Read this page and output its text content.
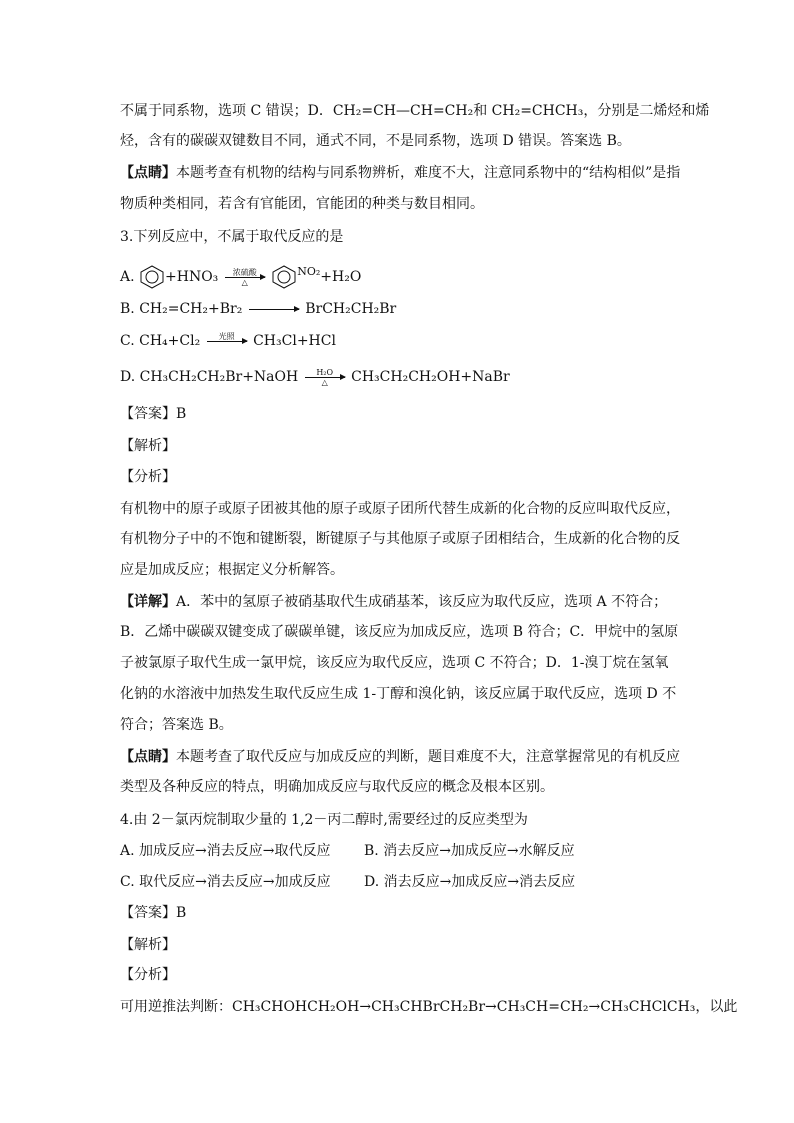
不属于同系物，选项 C 错误；D．CH₂=CH—CH=CH₂和 CH₂=CHCH₃，分别是二烯烃和烯
烃，含有的碳碳双键数目不同，通式不同，不是同系物，选项 D 错误。答案选 B。
【点睛】本题考查有机物的结构与同系物辨析，难度不大，注意同系物中的“结构相似”是指
物质种类相同，若含有官能团，官能团的种类与数目相同。
3.下列反应中，不属于取代反应的是
A. +HNO₃ 浓硫酸
△
$^{NO_2}$+H₂O
B. CH₂=CH₂+Br₂

→ BrCH₂CH₂Br
C. CH₄+Cl₂ 光照
CH₃Cl+HCl
D. CH₃CH₂CH₂Br+NaOH H₂O
△ CH₃CH₂CH₂OH+NaBr
【答案】B
【解析】
【分析】
有机物中的原子或原子团被其他的原子或原子团所代替生成新的化合物的反应叫取代反应，
有机物分子中的不饱和键断裂，断键原子与其他原子或原子团相结合，生成新的化合物的反
应是加成反应；根据定义分析解答。
【详解】A．苯中的氢原子被硝基取代生成硝基苯，该反应为取代反应，选项 A 不符合；
B．乙烯中碳碳双键变成了碳碳单键，该反应为加成反应，选项 B 符合；C．甲烷中的氢原
子被氯原子取代生成一氯甲烷，该反应为取代反应，选项 C 不符合；D．1-溴丁烷在氢氧
化钠的水溶液中加热发生取代反应生成 1-丁醇和溴化钠，该反应属于取代反应，选项 D 不
符合；答案选 B。
【点睛】本题考查了取代反应与加成反应的判断，题目难度不大，注意掌握常见的有机反应
类型及各种反应的特点，明确加成反应与取代反应的概念及根本区别。
4.由 2－氯丙烷制取少量的 1,2－丙二醇时,需要经过的反应类型为
A. 加成反应→消去反应→取代反应 B. 消去反应→加成反应→水解反应
C. 取代反应→消去反应→加成反应 D. 消去反应→加成反应→消去反应
【答案】B
【解析】
【分析】
可用逆推法判断：CH₃CHOHCH₂OH→CH₃CHBrCH₂Br→CH₃CH=CH₂→CH₃CHClCH₃，以此
